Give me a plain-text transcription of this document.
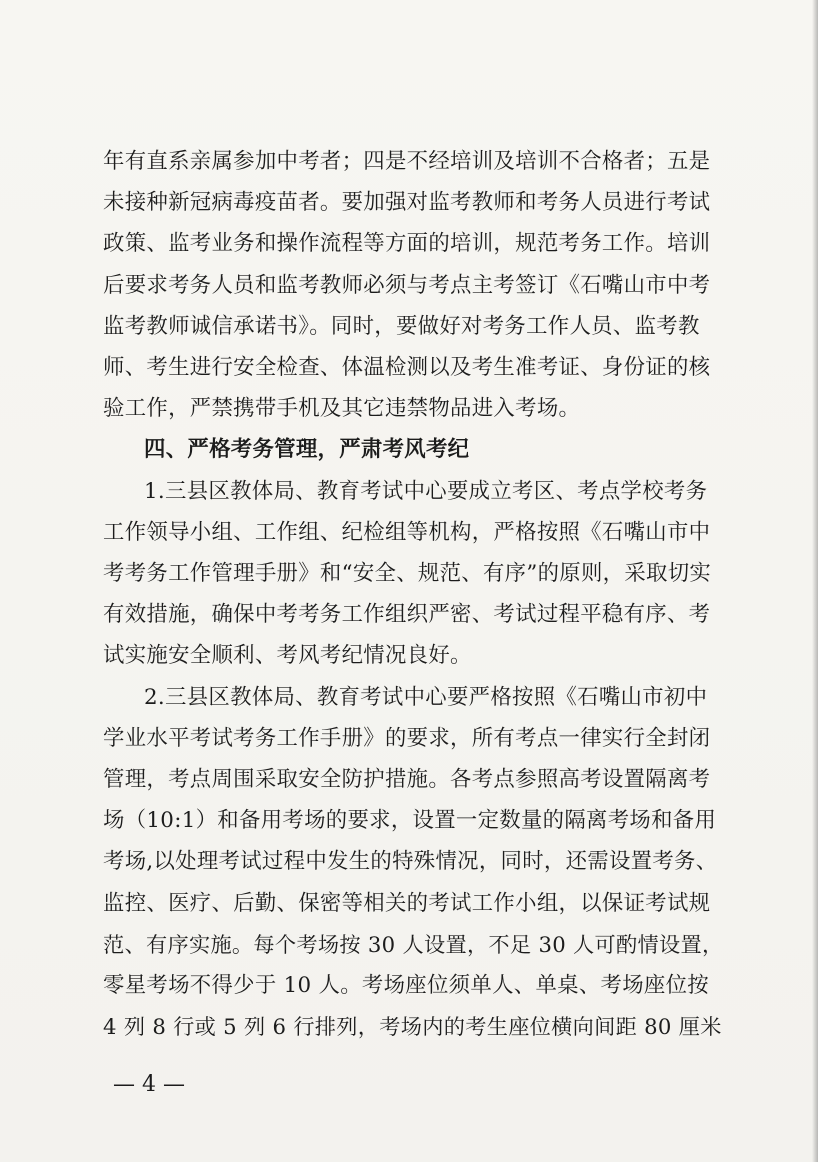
年有直系亲属参加中考者；四是不经培训及培训不合格者；五是
未接种新冠病毒疫苗者。要加强对监考教师和考务人员进行考试
政策、监考业务和操作流程等方面的培训，规范考务工作。培训
后要求考务人员和监考教师必须与考点主考签订《石嘴山市中考
监考教师诚信承诺书》。同时，要做好对考务工作人员、监考教
师、考生进行安全检查、体温检测以及考生准考证、身份证的核
验工作，严禁携带手机及其它违禁物品进入考场。
四、严格考务管理，严肃考风考纪
1.三县区教体局、教育考试中心要成立考区、考点学校考务
工作领导小组、工作组、纪检组等机构，严格按照《石嘴山市中
考考务工作管理手册》和“安全、规范、有序”的原则，采取切实
有效措施，确保中考考务工作组织严密、考试过程平稳有序、考
试实施安全顺利、考风考纪情况良好。
2.三县区教体局、教育考试中心要严格按照《石嘴山市初中
学业水平考试考务工作手册》的要求，所有考点一律实行全封闭
管理，考点周围采取安全防护措施。各考点参照高考设置隔离考
场（10:1）和备用考场的要求，设置一定数量的隔离考场和备用
考场,以处理考试过程中发生的特殊情况，同时，还需设置考务、
监控、医疗、后勤、保密等相关的考试工作小组，以保证考试规
范、有序实施。每个考场按 30 人设置，不足 30 人可酌情设置，
零星考场不得少于 10 人。考场座位须单人、单桌、考场座位按
4 列 8 行或 5 列 6 行排列，考场内的考生座位横向间距 80 厘米
— 4 —
